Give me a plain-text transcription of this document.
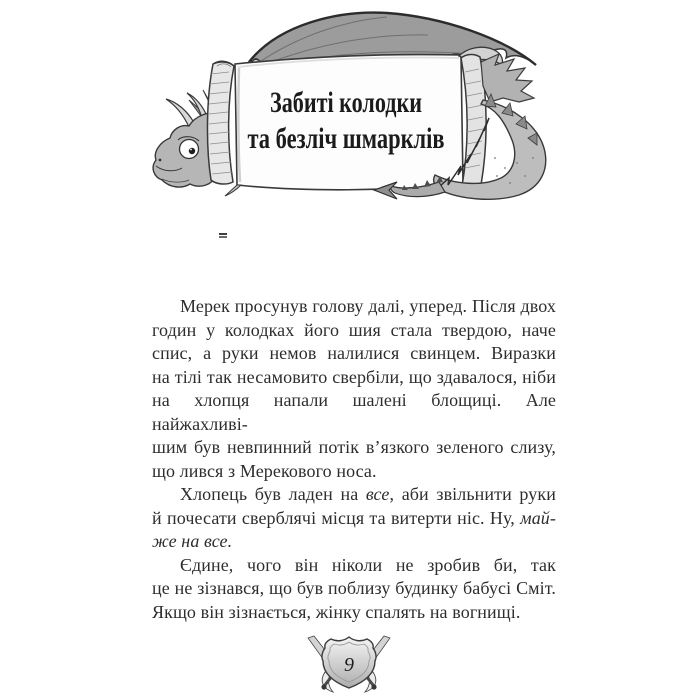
Забиті колодки
та безліч шмарклів
Мерек просунув голову далі, уперед. Після двох
годин у колодках його шия стала твердою, наче
спис, а руки немов налилися свинцем. Виразки
на тілі так несамовито свербіли, що здавалося, ніби
на хлопця напали шалені блощиці. Але найжахливі-
шим був невпинний потік в’язкого зеленого слизу,
що лився з Мерекового носа.
Хлопець був ладен на все, аби звільнити руки
й почесати сверблячі місця та витерти ніс. Ну, май-
же на все.
Єдине, чого він ніколи не зробив би, так
це не зізнався, що був поблизу будинку бабусі Сміт.
Якщо він зізнається, жінку спалять на вогнищі.
9
